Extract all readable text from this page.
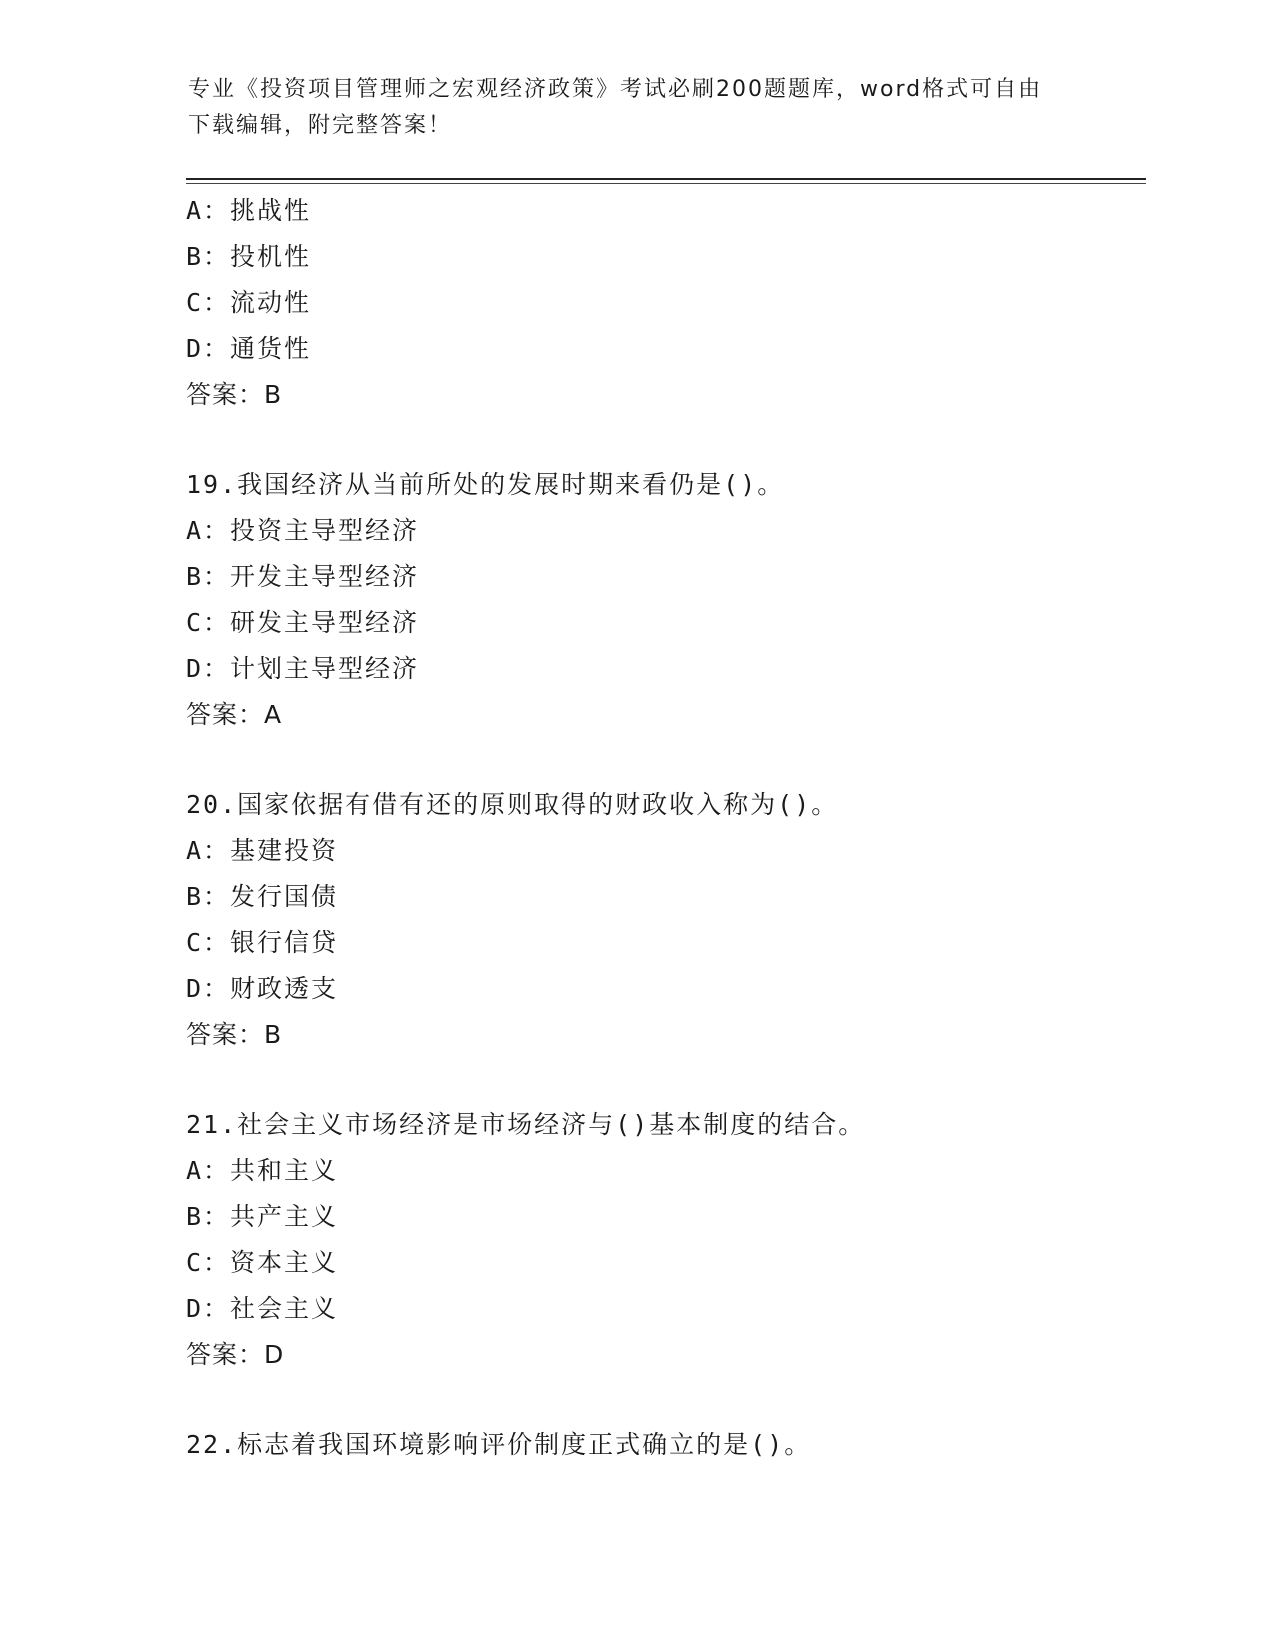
专业《投资项目管理师之宏观经济政策》考试必刷200题题库，word格式可自由
下载编辑，附完整答案！
A：挑战性
B：投机性
C：流动性
D：通货性
答案：B
19.我国经济从当前所处的发展时期来看仍是()。
A：投资主导型经济
B：开发主导型经济
C：研发主导型经济
D：计划主导型经济
答案：A
20.国家依据有借有还的原则取得的财政收入称为()。
A：基建投资
B：发行国债
C：银行信贷
D：财政透支
答案：B
21.社会主义市场经济是市场经济与()基本制度的结合。
A：共和主义
B：共产主义
C：资本主义
D：社会主义
答案：D
22.标志着我国环境影响评价制度正式确立的是()。
